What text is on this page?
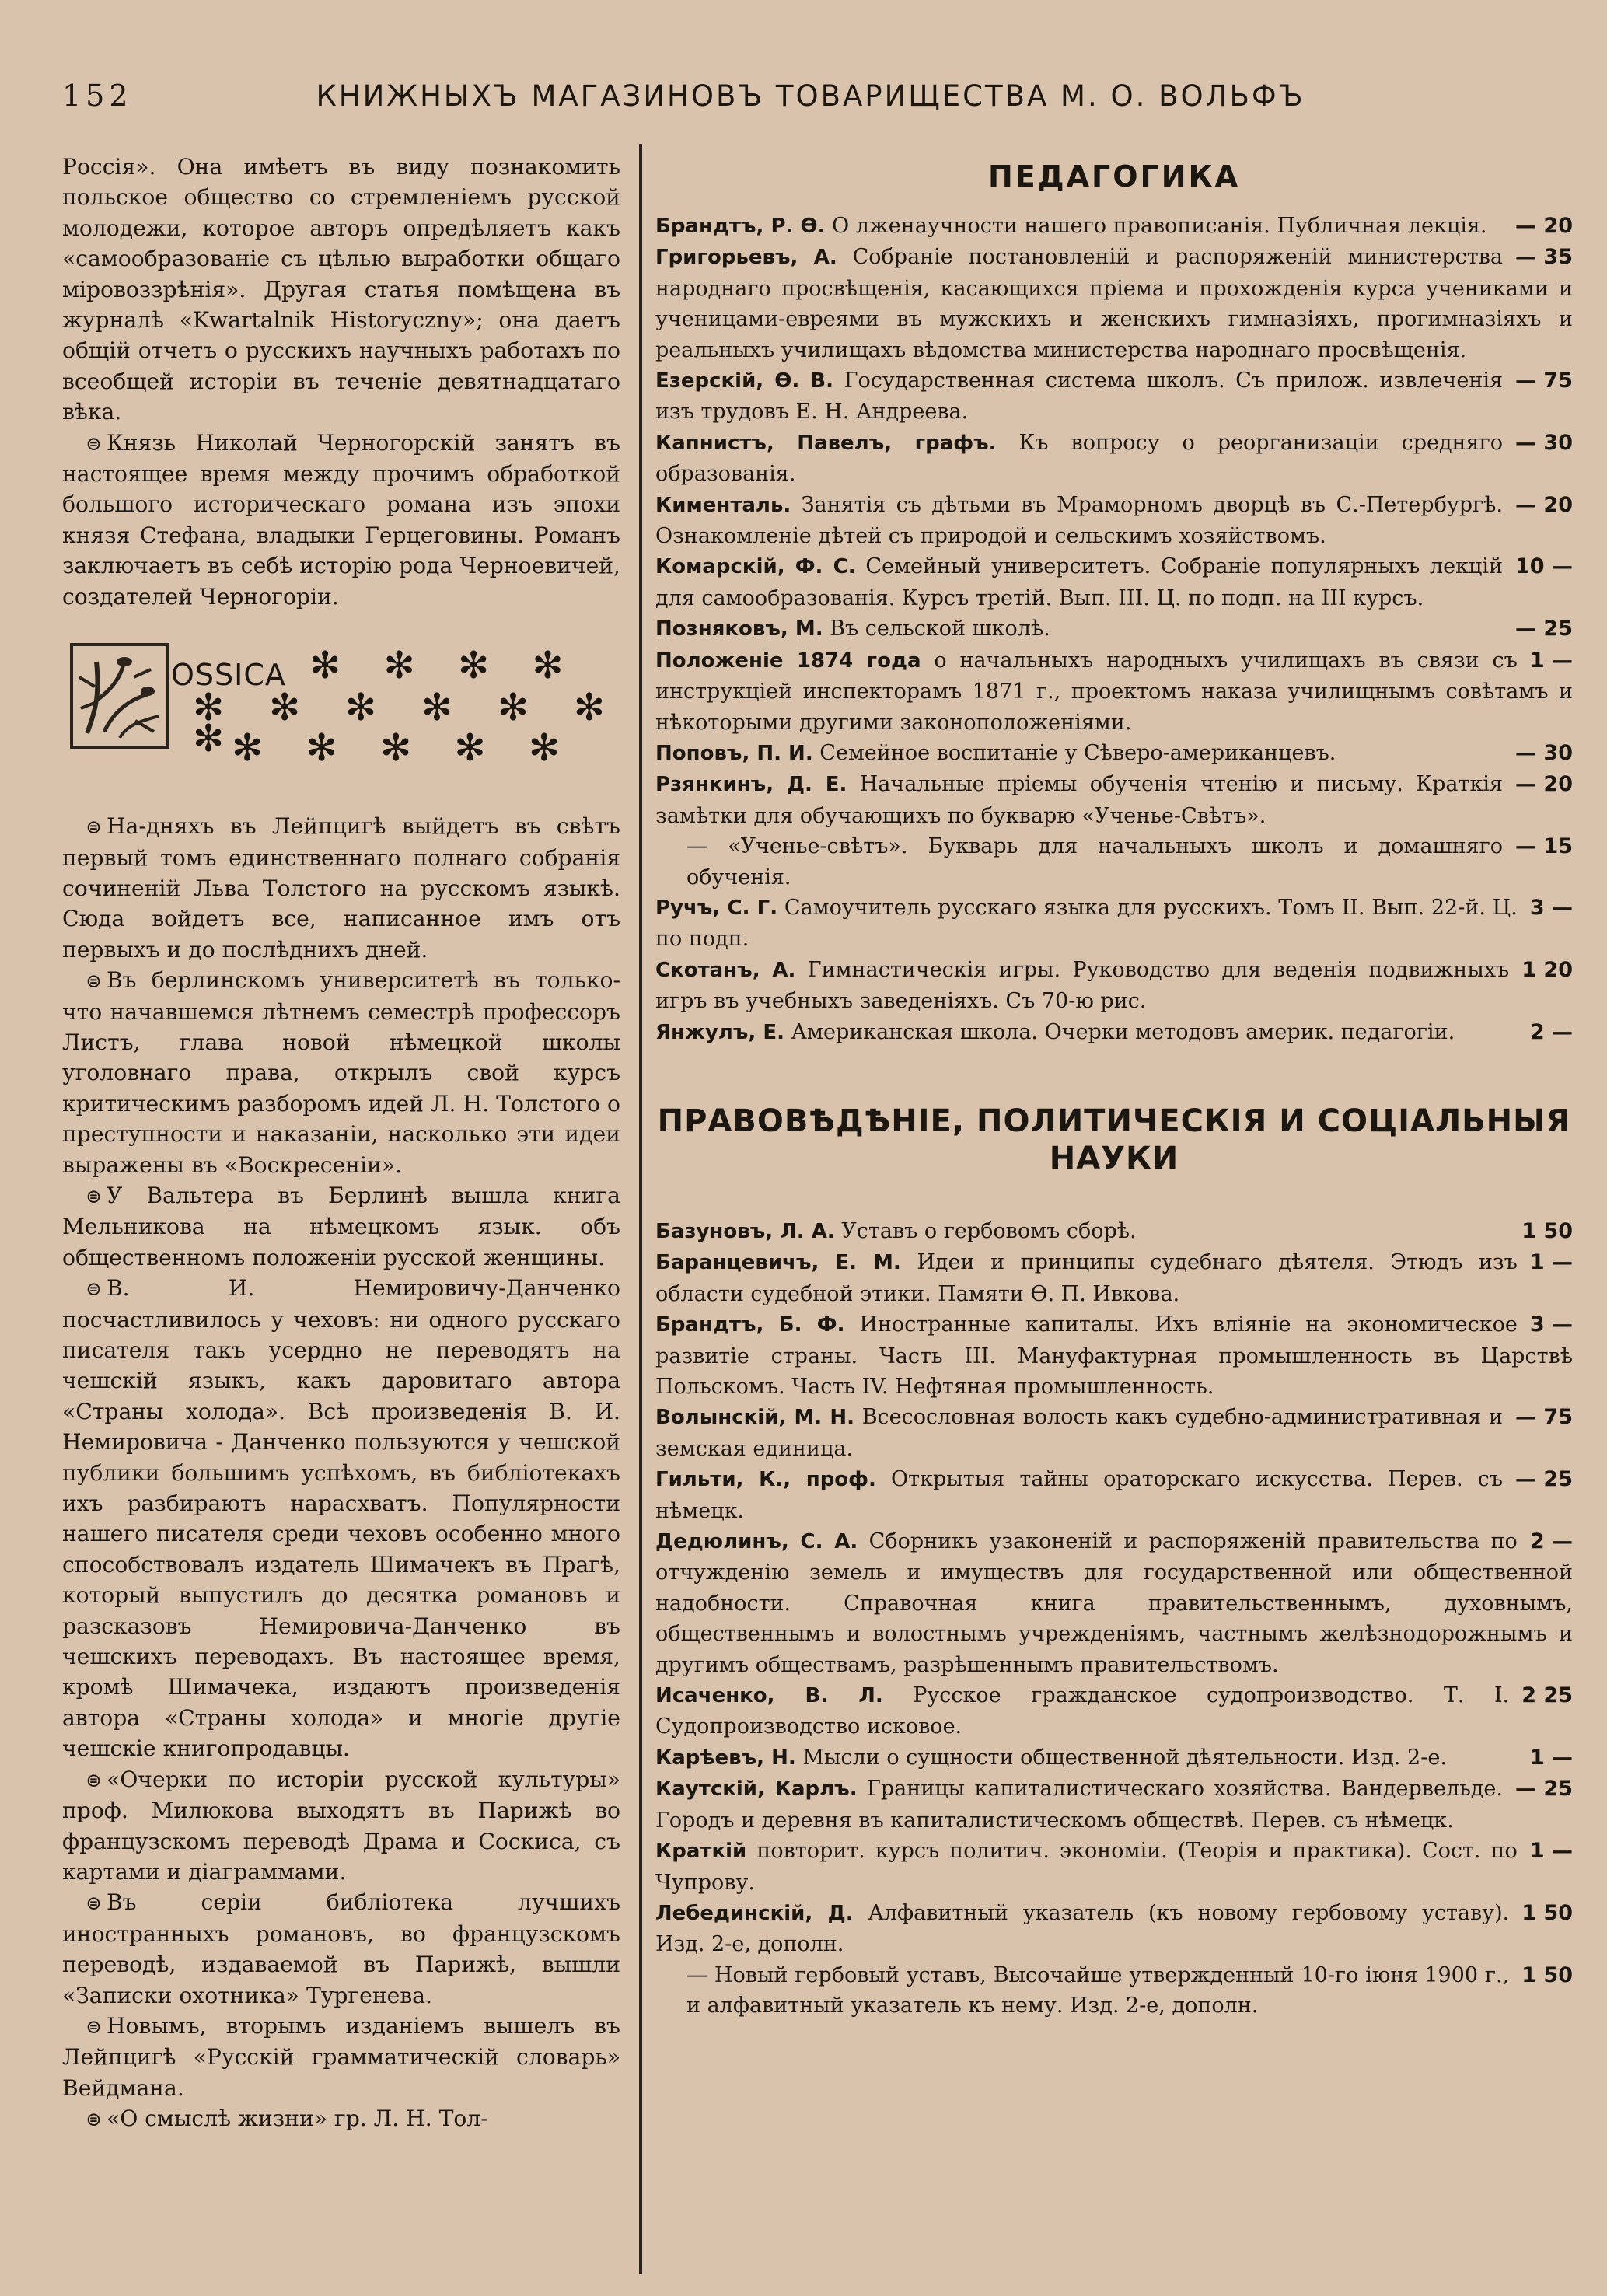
152	КНИЖНЫХЪ МАГАЗИНОВЪ ТОВАРИЩЕСТВА М. О. ВОЛЬФЪ

Россія». Она имѣетъ въ виду познакомить польское общество со стремленіемъ русской молодежи, которое авторъ опредѣляетъ какъ «самообразованіе съ цѣлью выработки общаго міровоззрѣнія». Другая статья помѣщена въ журналѣ «Kwartalnik Historyczny»; она даетъ общій отчетъ о русскихъ научныхъ работахъ по всеобщей исторіи въ теченіе девятнадцатаго вѣка.

⊜ Князь Николай Черногорскій занятъ въ настоящее время между прочимъ обработкой большого историческаго романа изъ эпохи князя Стефана, владыки Герцеговины. Романъ заключаетъ въ себѣ исторію рода Черноевичей, создателей Черногоріи.

OSSICA ✻ ✻ ✻ ✻
✻ ✻ ✻ ✻ ✻ ✻ ✻
✻ ✻ ✻ ✻ ✻

⊜ На-дняхъ въ Лейпцигѣ выйдетъ въ свѣтъ первый томъ единственнаго полнаго собранія сочиненій Льва Толстого на русскомъ языкѣ. Сюда войдетъ все, написанное имъ отъ первыхъ и до послѣднихъ дней.

⊜ Въ берлинскомъ университетѣ въ только-что начавшемся лѣтнемъ семестрѣ профессоръ Листъ, глава новой нѣмецкой школы уголовнаго права, открылъ свой курсъ критическимъ разборомъ идей Л. Н. Толстого о преступности и наказаніи, насколько эти идеи выражены въ «Воскресеніи».

⊜ У Вальтера въ Берлинѣ вышла книга Мельникова на нѣмецкомъ язык. объ общественномъ положеніи русской женщины.

⊜ В. И. Немировичу-Данченко посчастливилось у чеховъ: ни одного русскаго писателя такъ усердно не переводятъ на чешскій языкъ, какъ даровитаго автора «Страны холода». Всѣ произведенія В. И. Немировича - Данченко пользуются у чешской публики большимъ успѣхомъ, въ библіотекахъ ихъ разбираютъ нарасхватъ. Популярности нашего писателя среди чеховъ особенно много способствовалъ издатель Шимачекъ въ Прагѣ, который выпустилъ до десятка романовъ и разсказовъ Немировича-Данченко въ чешскихъ переводахъ. Въ настоящее время, кромѣ Шимачека, издаютъ произведенія автора «Страны холода» и многіе другіе чешскіе книгопродавцы.

⊜ «Очерки по исторіи русской культуры» проф. Милюкова выходятъ въ Парижѣ во французскомъ переводѣ Драма и Соскиса, съ картами и діаграммами.

⊜ Въ серіи библіотека лучшихъ иностранныхъ романовъ, во французскомъ переводѣ, издаваемой въ Парижѣ, вышли «Записки охотника» Тургенева.

⊜ Новымъ, вторымъ изданіемъ вышелъ въ Лейпцигѣ «Русскій грамматическій словарь» Вейдмана.

⊜ «О смыслѣ жизни» гр. Л. Н. Тол-

ПЕДАГОГИКА
— 20
Брандтъ, Р. Ѳ. О лженаучности нашего правописанія. Публичная лекція.
— 35
Григорьевъ, А. Собраніе постановленій и распоряженій министерства народнаго просвѣщенія, касающихся пріема и прохожденія курса учениками и ученицами-евреями въ мужскихъ и женскихъ гимназіяхъ, прогимназіяхъ и реальныхъ училищахъ вѣдомства министерства народнаго просвѣщенія.
— 75
Езерскій, Ѳ. В. Государственная система школъ. Съ прилож. извлеченія изъ трудовъ Е. Н. Андреева.
— 30
Капнистъ, Павелъ, графъ. Къ вопросу о реорганизаціи средняго образованія.
— 20
Кименталь. Занятія съ дѣтьми въ Мраморномъ дворцѣ въ С.-Петербургѣ. Ознакомленіе дѣтей съ природой и сельскимъ хозяйствомъ.
10 —
Комарскій, Ф. С. Семейный университетъ. Собраніе популярныхъ лекцій для самообразованія. Курсъ третій. Вып. III. Ц. по подп. на III курсъ.
— 25
Позняковъ, М. Въ сельской школѣ.
1 —
Положеніе 1874 года о начальныхъ народныхъ училищахъ въ связи съ инструкціей инспекторамъ 1871 г., проектомъ наказа училищнымъ совѣтамъ и нѣкоторыми другими законоположеніями.
— 30
Поповъ, П. И. Семейное воспитаніе у Сѣверо-американцевъ.
— 20
Рзянкинъ, Д. Е. Начальные пріемы обученія чтенію и письму. Краткія замѣтки для обучающихъ по букварю «Ученье-Свѣтъ».
— 15
— «Ученье-свѣтъ». Букварь для начальныхъ школъ и домашняго обученія.
3 —
Ручъ, С. Г. Самоучитель русскаго языка для русскихъ. Томъ II. Вып. 22-й. Ц. по подп.
1 20
Скотанъ, А. Гимнастическія игры. Руководство для веденія подвижныхъ игръ въ учебныхъ заведеніяхъ. Съ 70-ю рис.
2 —
Янжулъ, Е. Американская школа. Очерки методовъ америк. педагогіи.
ПРАВОВѢДѢНІЕ, ПОЛИТИЧЕСКІЯ И СОЦІАЛЬНЫЯ НАУКИ
1 50
Базуновъ, Л. А. Уставъ о гербовомъ сборѣ.
1 —
Баранцевичъ, Е. М. Идеи и принципы судебнаго дѣятеля. Этюдъ изъ области судебной этики. Памяти Ѳ. П. Ивкова.
3 —
Брандтъ, Б. Ф. Иностранные капиталы. Ихъ вліяніе на экономическое развитіе страны. Часть III. Мануфактурная промышленность въ Царствѣ Польскомъ. Часть IV. Нефтяная промышленность.
— 75
Волынскій, М. Н. Всесословная волость какъ судебно-административная и земская единица.
— 25
Гильти, К., проф. Открытыя тайны ораторскаго искусства. Перев. съ нѣмецк.
2 —
Дедюлинъ, С. А. Сборникъ узаконеній и распоряженій правительства по отчужденію земель и имуществъ для государственной или общественной надобности. Справочная книга правительственнымъ, духовнымъ, общественнымъ и волостнымъ учрежденіямъ, частнымъ желѣзнодорожнымъ и другимъ обществамъ, разрѣшеннымъ правительствомъ.
2 25
Исаченко, В. Л. Русское гражданское судопроизводство. Т. I. Судопроизводство исковое.
1 —
Карѣевъ, Н. Мысли о сущности общественной дѣятельности. Изд. 2-е.
— 25
Каутскій, Карлъ. Границы капиталистическаго хозяйства. Вандервельде. Городъ и деревня въ капиталистическомъ обществѣ. Перев. съ нѣмецк.
1 —
Краткій повторит. курсъ политич. экономіи. (Теорія и практика). Сост. по Чупрову.
1 50
Лебединскій, Д. Алфавитный указатель (къ новому гербовому уставу). Изд. 2-е, дополн.
1 50
— Новый гербовый уставъ, Высочайше утвержденный 10-го іюня 1900 г., и алфавитный указатель къ нему. Изд. 2-е, дополн.
